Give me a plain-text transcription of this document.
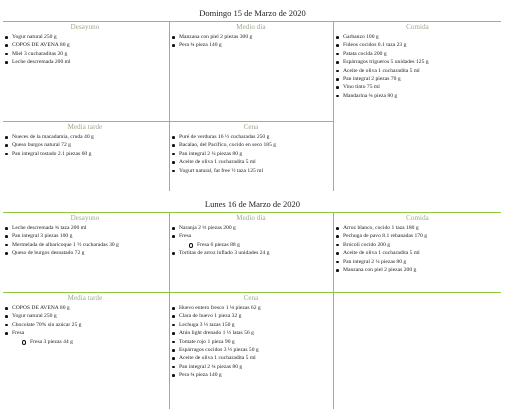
Domingo 15 de Marzo de 2020
Desayuno
Yogur natural 250 g
COPOS DE AVENA 80 g
Miel 3 cucharaditas 20 g
Leche descremada 200 ml
Medio día
Manzana con piel 2 piezas 300 g
Pera ¾ pieza 140 g
Comida
Garbanzo 100 g
Fideos cocidos 0.1 taza 23 g
Patata cocida 200 g
Espárragos trigueros 5 unidades 125 g
Aceite de oliva 1 cucharadita 5 ml
Pan integral 2 piezas 70 g
Vino tinto 75 ml
Mandarina ¾ pieza 80 g
Media tarde
Nueces de la macadamia, cruda 40 g
Queso burgos natural 72 g
Pan integral tostado 2.1 piezas 60 g
Cena
Puré de verduras 16 ½ cucharadas 250 g
Bacalao, del Pacífico, cocido en seco 185 g
Pan integral 2 ¼ piezas 80 g
Aceite de oliva 1 cucharadita 5 ml
Yogurt natural, fat free ½ taza 125 ml
Lunes 16 de Marzo de 2020
Desayuno
Leche descremada ¾ taza 200 ml
Pan integral 3 piezas 100 g
Mermelada de albaricoque 1 ½ cucharadas 30 g
Queso de burgos desnatado 72 g
Medio día
Naranja 2 ⅓ piezas 200 g
Fresa
Fresa 6 piezas 88 g
Tortitas de arroz inflado 3 unidades 24 g
Comida
Arroz blanco, cocido 1 taza 180 g
Pechuga de pavo 8.1 rebanadas 170 g
Brócoli cocido 200 g
Aceite de oliva 1 cucharadita 5 ml
Pan integral 2 ¼ piezas 80 g
Manzana con piel 2 piezas 200 g
Media tarde
COPOS DE AVENA 80 g
Yogur natural 250 g
Chocolate 70% sin azúcar 25 g
Fresa
Fresa 3 piezas 44 g
Cena
Huevo entero fresco 1 ⅛ piezas 62 g
Clara de huevo 1 pieza 32 g
Lechuga 3 ⅓ tazas 150 g
Atún light drenado 1 ⅓ latas 56 g
Tomate rojo 1 pieza 90 g
Espárragos cocidos 3 ⅓ piezas 50 g
Aceite de oliva 1 cucharadita 5 ml
Pan integral 2 ¾ piezas 80 g
Pera ¾ pieza 140 g
